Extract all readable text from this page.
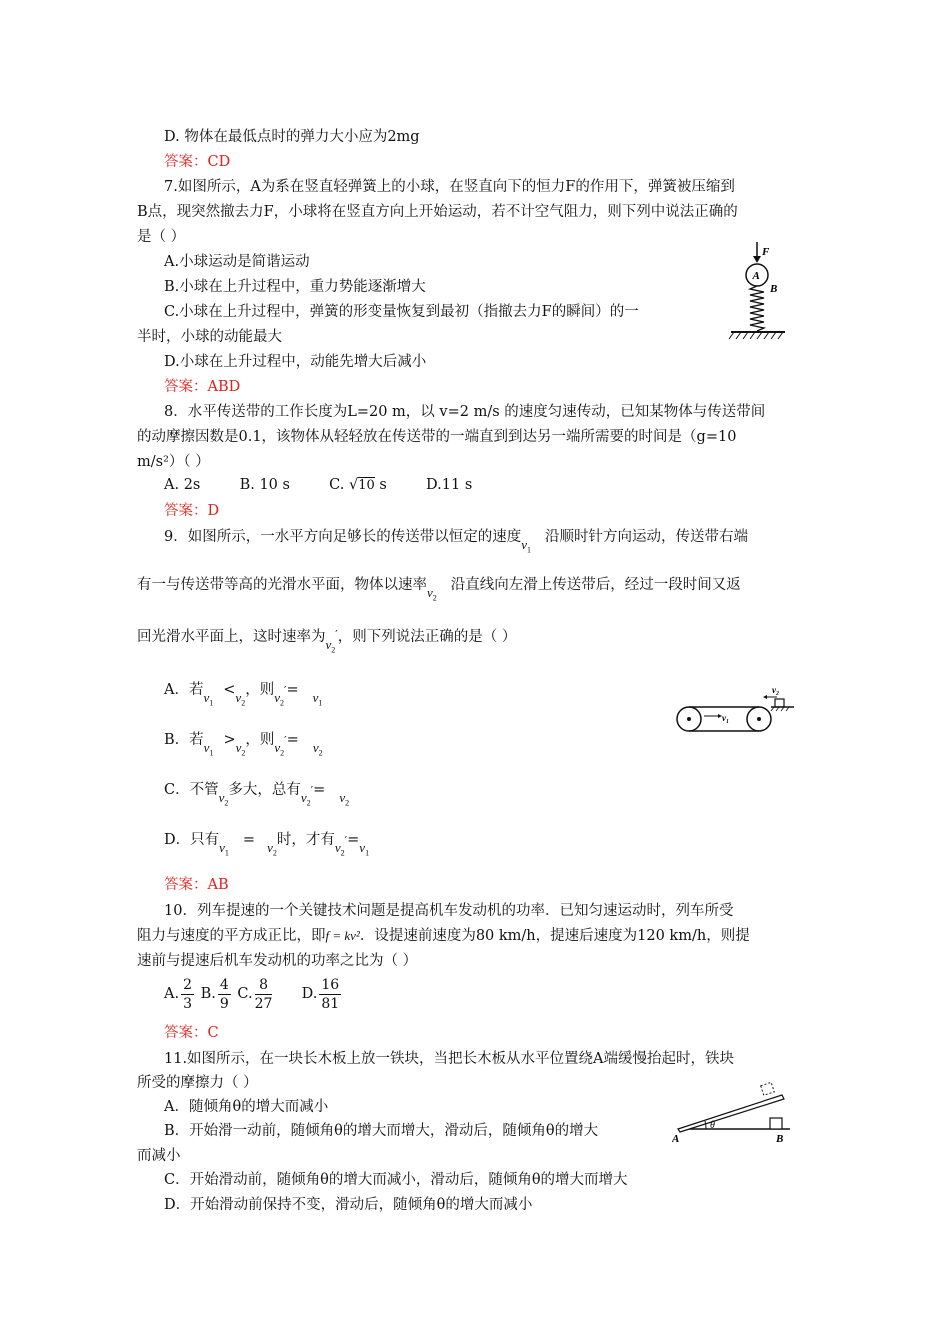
D. 物体在最低点时的弹力大小应为2mg
答案：CD
7.如图所示，A为系在竖直轻弹簧上的小球，在竖直向下的恒力F的作用下，弹簧被压缩到
B点，现突然撤去力F，小球将在竖直方向上开始运动，若不计空气阻力，则下列中说法正确的
是（ ）
A.小球运动是简谐运动
B.小球在上升过程中，重力势能逐渐增大
C.小球在上升过程中，弹簧的形变量恢复到最初（指撤去力F的瞬间）的一
半时，小球的动能最大
D.小球在上升过程中，动能先增大后减小
答案：ABD
F
A
B
8．水平传送带的工作长度为L=20 m，以 v=2 m/s 的速度匀速传动，已知某物体与传送带间
的动摩擦因数是0.1，该物体从轻轻放在传送带的一端直到到达另一端所需要的时间是（g=10
m/s²）（ ）
A. 2s	B. 10 s	C. √10 s	D.11 s
答案：D
9．如图所示，一水平方向足够长的传送带以恒定的速度$v_1$沿顺时针方向运动，传送带右端
有一与传送带等高的光滑水平面，物体以速率$v_2$沿直线向左滑上传送带后，经过一段时间又返
回光滑水平面上，这时速率为$v_2'$，则下列说法正确的是（ ）
A．若$v_1<v_2$，则$v_2'= v_1$
B．若$v_1>v_2$，则$v_2'= v_2$
C．不管$v_2$多大，总有$v_2'= v_2$
D．只有$v_1= v_2$时，才有$v_2'=v_1$
答案：AB
v₂
v₁
10．列车提速的一个关键技术问题是提高机车发动机的功率．已知匀速运动时，列车所受
阻力与速度的平方成正比，即f = kv²．设提速前速度为80 km/h，提速后速度为120 km/h，则提
速前与提速后机车发动机的功率之比为（ ）
A. $\frac{2}{3} B$. $\frac{4}{9} C$. $\frac{8}{27} D$. $\frac{16}{81}$
答案：C
11.如图所示，在一块长木板上放一铁块，当把长木板从水平位置绕A端缓慢抬起时，铁块
所受的摩擦力（ ）
A．随倾角θ的增大而减小
B．开始滑一动前，随倾角θ的增大而增大，滑动后，随倾角θ的增大
而减小
C．开始滑动前，随倾角θ的增大而减小，滑动后，随倾角θ的增大而增大
D．开始滑动前保持不变，滑动后，随倾角θ的增大而减小
θ
A	B
